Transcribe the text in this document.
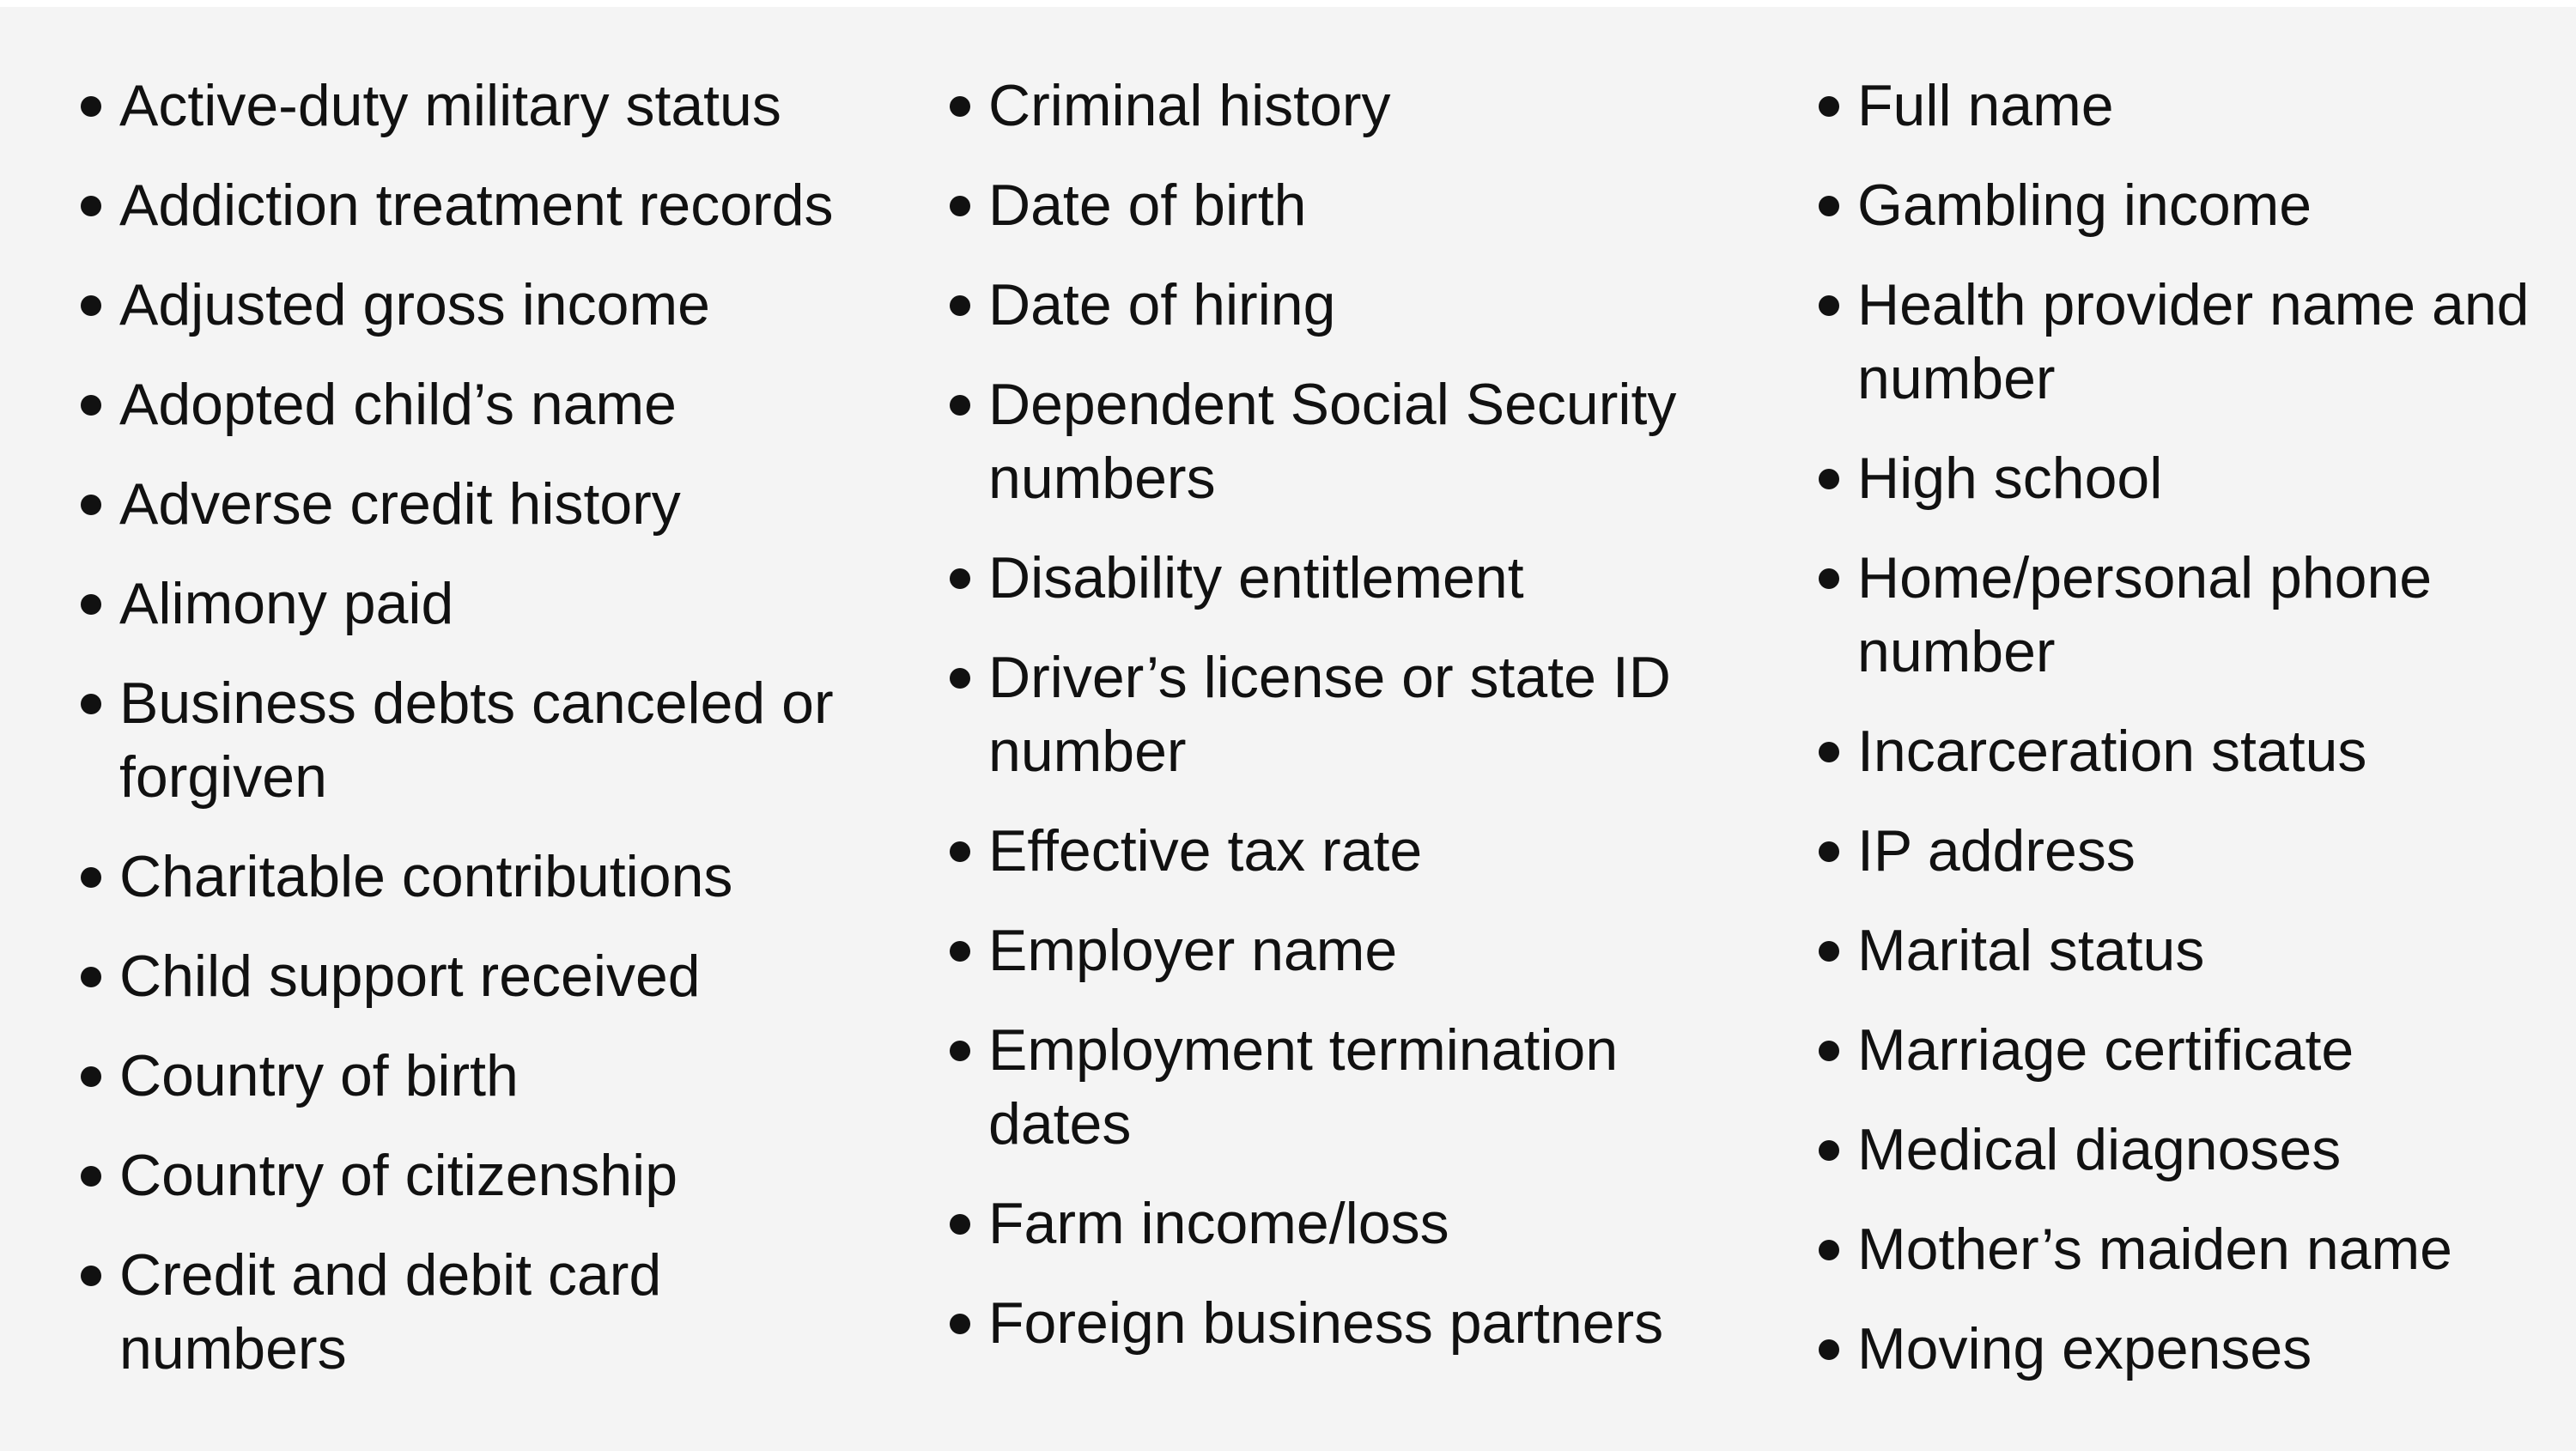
Active-duty military status
Addiction treatment records
Adjusted gross income
Adopted child’s name
Adverse credit history
Alimony paid
Business debts canceled or forgiven
Charitable contributions
Child support received
Country of birth
Country of citizenship
Credit and debit card numbers
Criminal history
Date of birth
Date of hiring
Dependent Social Security numbers
Disability entitlement
Driver’s license or state ID number
Effective tax rate
Employer name
Employment termination dates
Farm income/loss
Foreign business partners
Full name
Gambling income
Health provider name and number
High school
Home/personal phone number
Incarceration status
IP address
Marital status
Marriage certificate
Medical diagnoses
Mother’s maiden name
Moving expenses
